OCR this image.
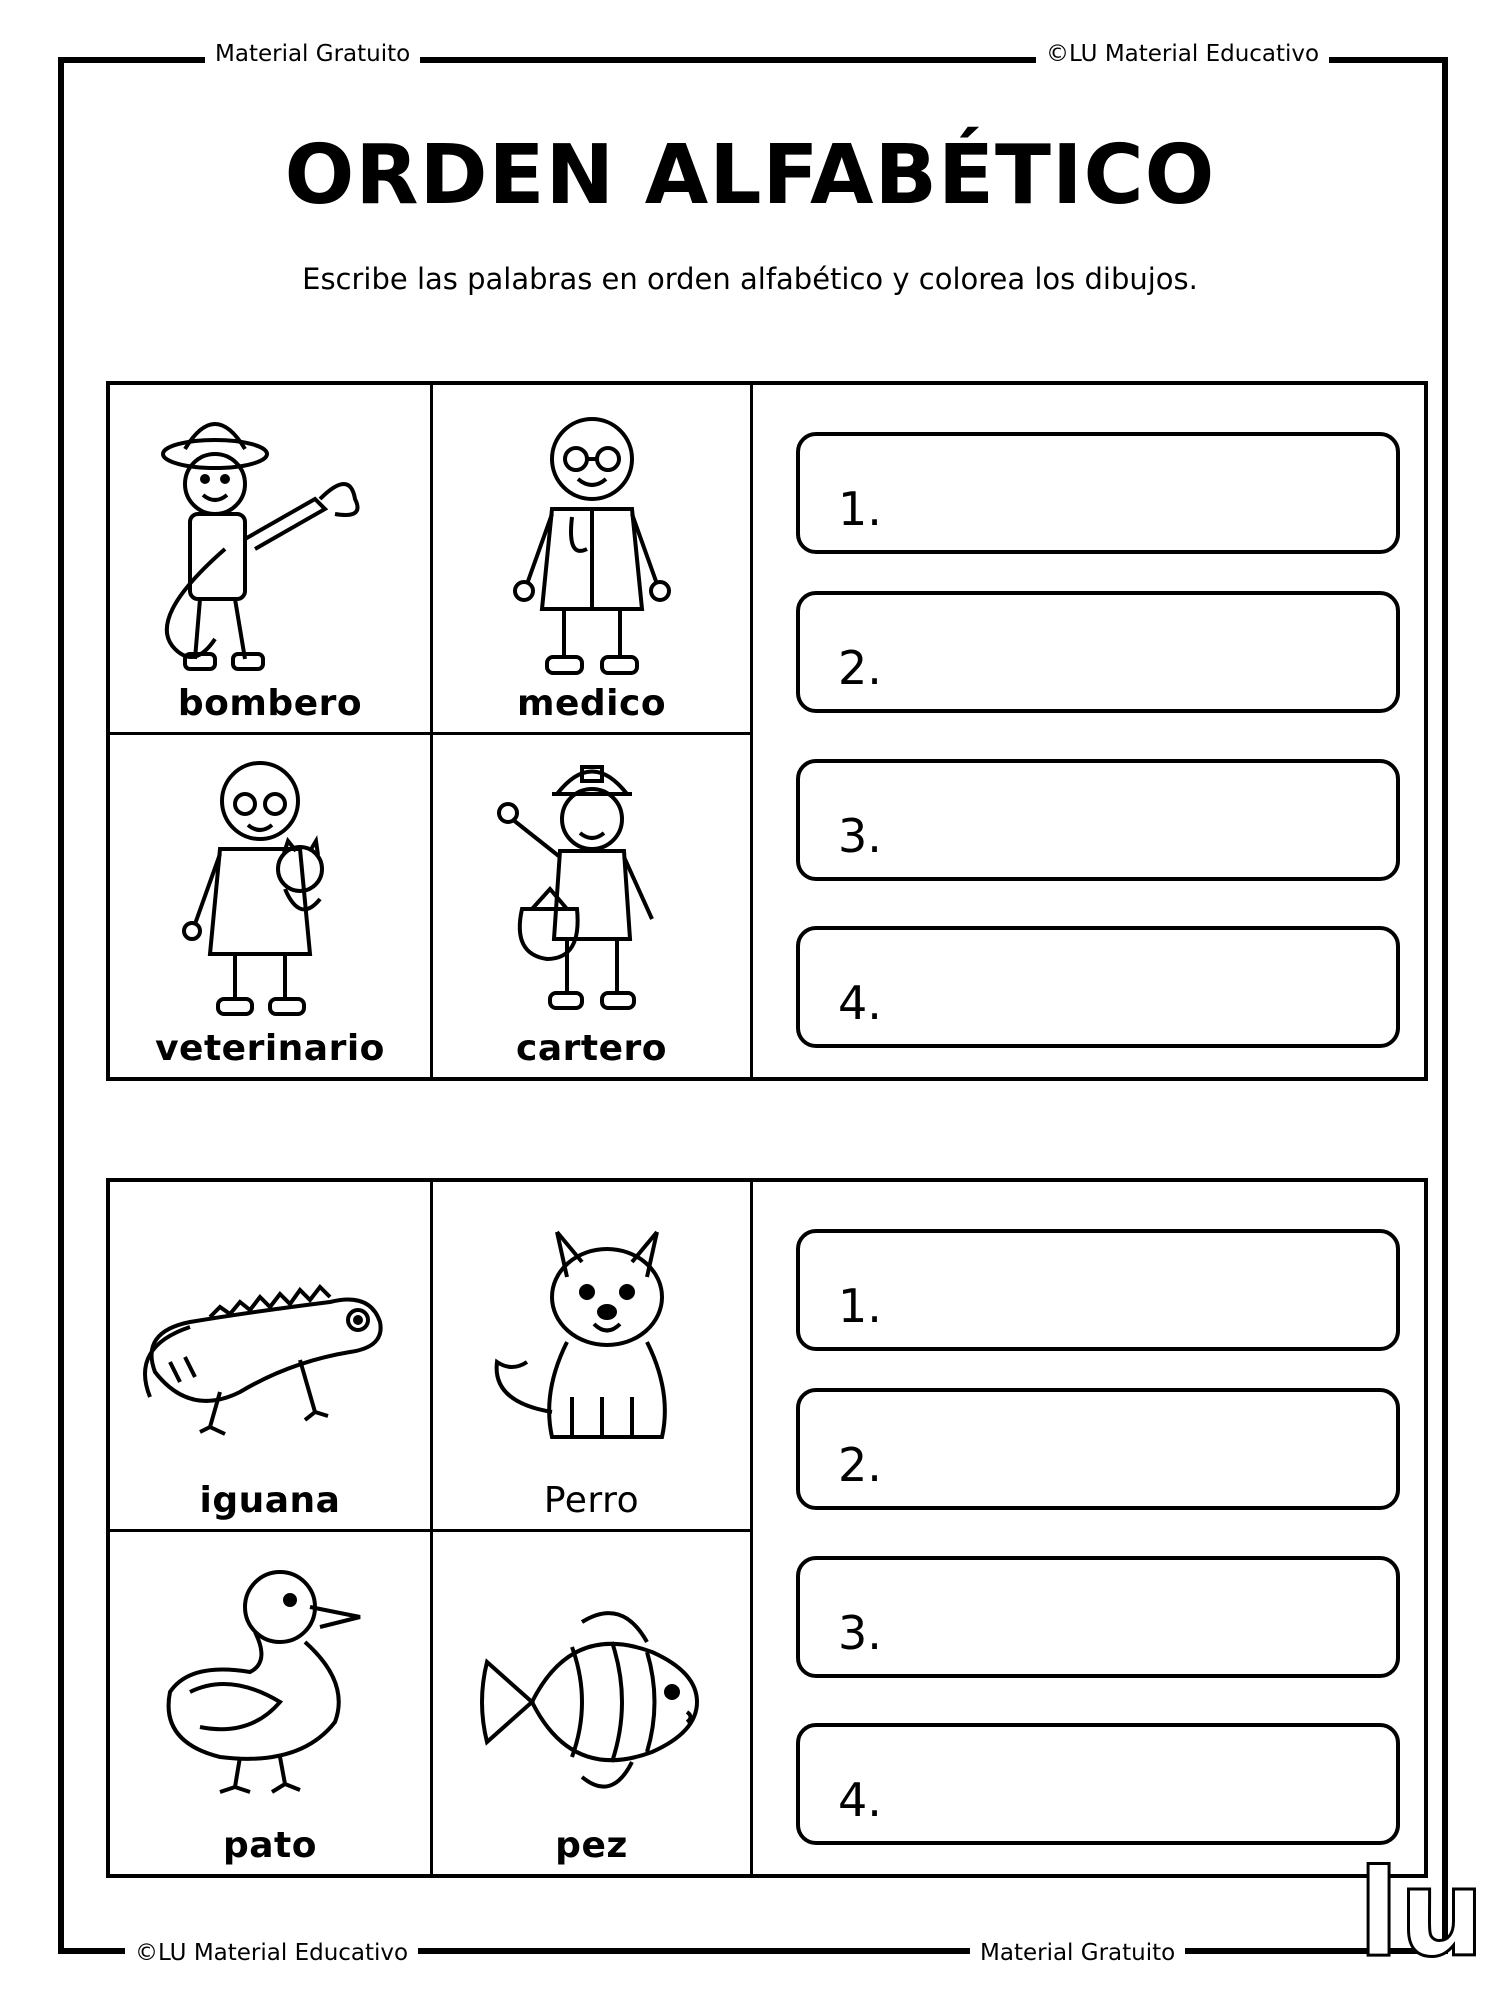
Material Gratuito	©LU Material Educativo
ORDEN ALFABÉTICO
Escribe las palabras en orden alfabético y colorea los dibujos.
bombero	medico
veterinario	cartero
1.
2.
3.
4.
iguana	Perro
pato	pez
1.
2.
3.
4.
©LU Material Educativo	Material Gratuito lu
